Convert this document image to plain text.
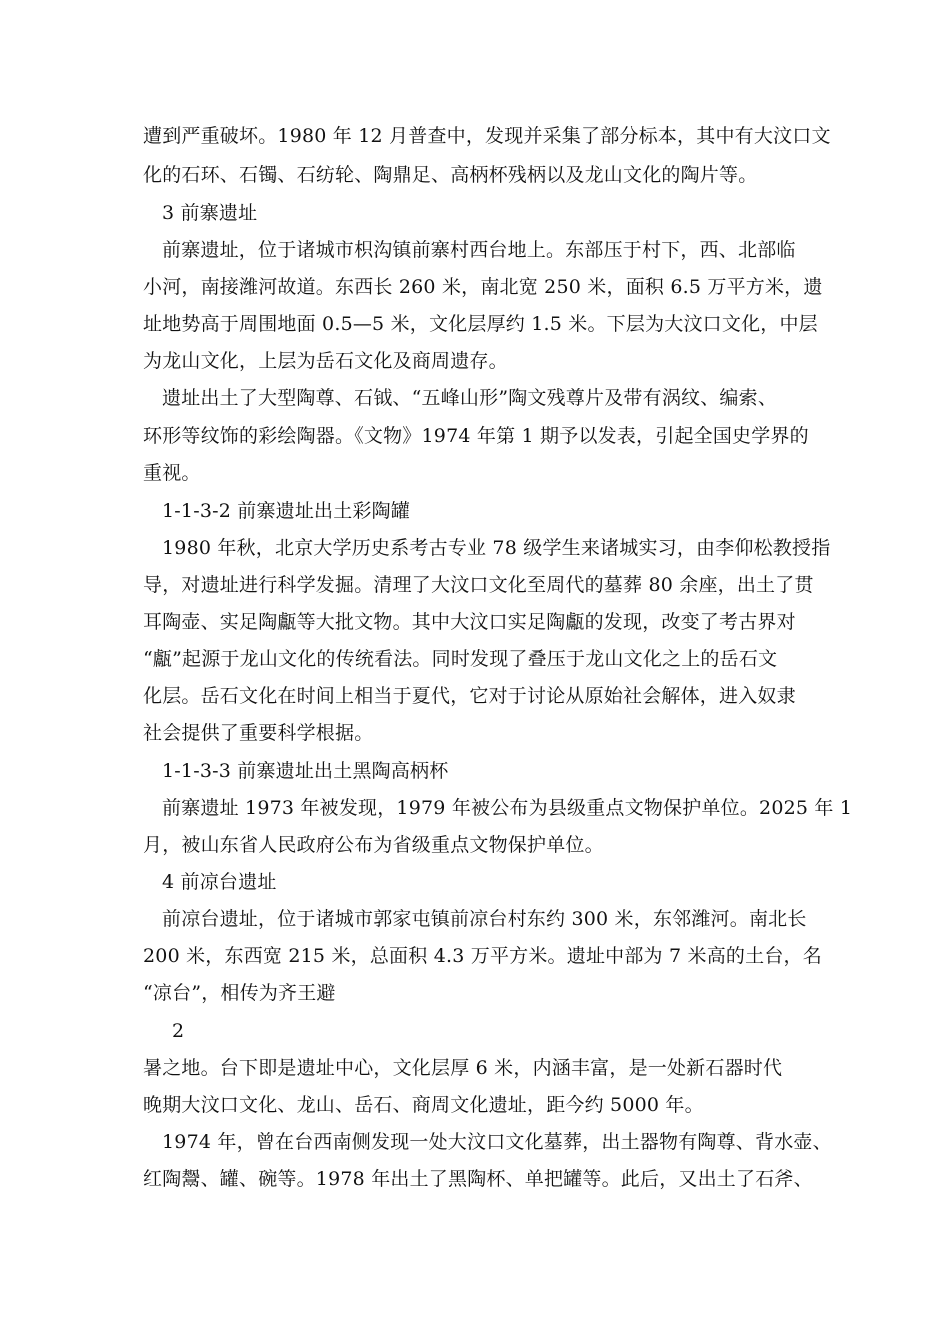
遭到严重破坏。1980 年 12 月普查中，发现并采集了部分标本，其中有大汶口文
化的石环、石镯、石纺轮、陶鼎足、高柄杯残柄以及龙山文化的陶片等。
3 前寨遗址
前寨遗址，位于诸城市枳沟镇前寨村西台地上。东部压于村下，西、北部临
小河，南接潍河故道。东西长 260 米，南北宽 250 米，面积 6.5 万平方米，遗
址地势高于周围地面 0.5—5 米，文化层厚约 1.5 米。下层为大汶口文化，中层
为龙山文化，上层为岳石文化及商周遗存。
遗址出土了大型陶尊、石钺、“五峰山形”陶文残尊片及带有涡纹、编索、
环形等纹饰的彩绘陶器。《文物》1974 年第 1 期予以发表，引起全国史学界的
重视。
1-1-3-2 前寨遗址出土彩陶罐
1980 年秋，北京大学历史系考古专业 78 级学生来诸城实习，由李仰松教授指
导，对遗址进行科学发掘。清理了大汶口文化至周代的墓葬 80 余座，出土了贯
耳陶壶、实足陶甗等大批文物。其中大汶口实足陶甗的发现，改变了考古界对
“甗”起源于龙山文化的传统看法。同时发现了叠压于龙山文化之上的岳石文
化层。岳石文化在时间上相当于夏代，它对于讨论从原始社会解体，进入奴隶
社会提供了重要科学根据。
1-1-3-3 前寨遗址出土黑陶高柄杯
前寨遗址 1973 年被发现，1979 年被公布为县级重点文物保护单位。2025 年 1
月，被山东省人民政府公布为省级重点文物保护单位。
4 前凉台遗址
前凉台遗址，位于诸城市郭家屯镇前凉台村东约 300 米，东邻潍河。南北长
200 米，东西宽 215 米，总面积 4.3 万平方米。遗址中部为 7 米高的土台，名
“凉台”，相传为齐王避
2
暑之地。台下即是遗址中心，文化层厚 6 米，内涵丰富，是一处新石器时代
晚期大汶口文化、龙山、岳石、商周文化遗址，距今约 5000 年。
1974 年，曾在台西南侧发现一处大汶口文化墓葬，出土器物有陶尊、背水壶、
红陶鬶、罐、碗等。1978 年出土了黑陶杯、单把罐等。此后，又出土了石斧、
